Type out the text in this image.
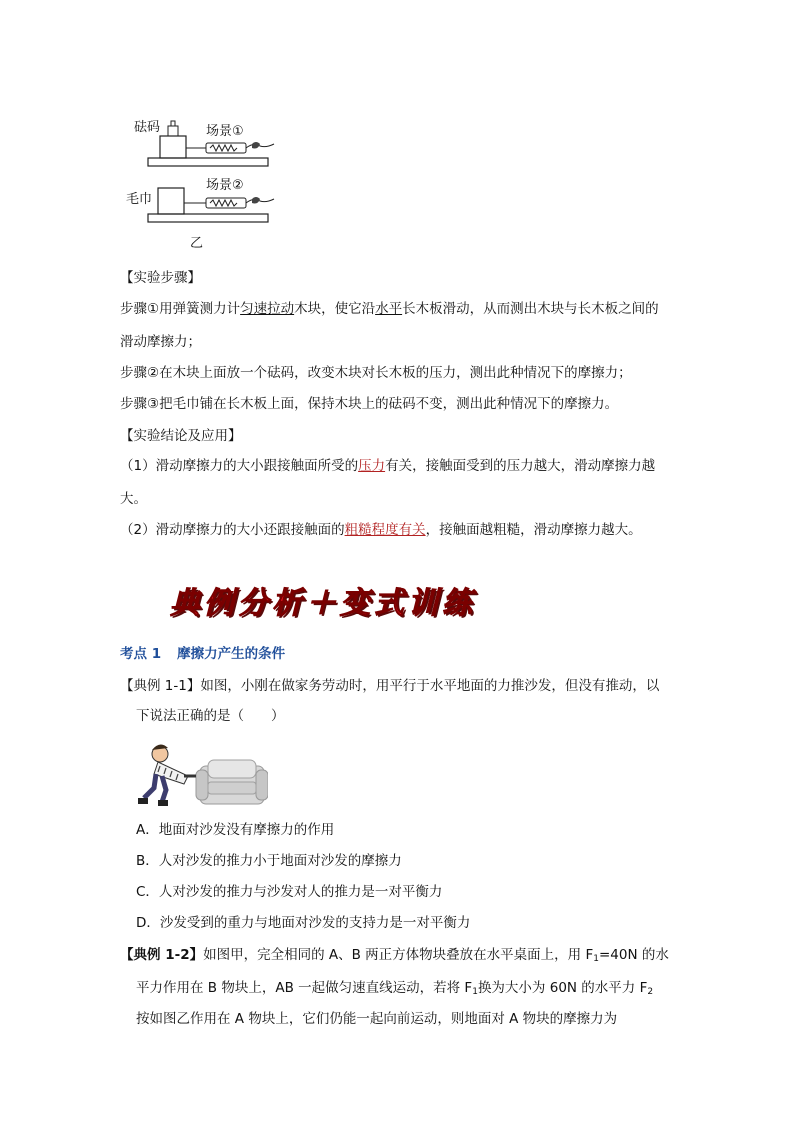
砝码	场景①
毛巾
场景②
乙
【实验步骤】
步骤①用弹簧测力计匀速拉动木块，使它沿水平长木板滑动，从而测出木块与长木板之间的
滑动摩擦力；
步骤②在木块上面放一个砝码，改变木块对长木板的压力，测出此种情况下的摩擦力；
步骤③把毛巾铺在长木板上面，保持木块上的砝码不变，测出此种情况下的摩擦力。
【实验结论及应用】
（1）滑动摩擦力的大小跟接触面所受的压力有关，接触面受到的压力越大，滑动摩擦力越
大。
（2）滑动摩擦力的大小还跟接触面的粗糙程度有关，接触面越粗糙，滑动摩擦力越大。
典例分析＋变式训练
考点 1 摩擦力产生的条件
【典例 1-1】如图，小刚在做家务劳动时，用平行于水平地面的力推沙发，但没有推动，以
下说法正确的是（　　）
A．地面对沙发没有摩擦力的作用
B．人对沙发的推力小于地面对沙发的摩擦力
C．人对沙发的推力与沙发对人的推力是一对平衡力
D．沙发受到的重力与地面对沙发的支持力是一对平衡力
【典例 1-2】如图甲，完全相同的 A、B 两正方体物块叠放在水平桌面上，用 $F_1=40N$ 的水
平力作用在 B 物块上，AB 一起做匀速直线运动，若将 $F_1$换为大小为 60N 的水平力 $F_2$
按如图乙作用在 A 物块上，它们仍能一起向前运动，则地面对 A 物块的摩擦力为
